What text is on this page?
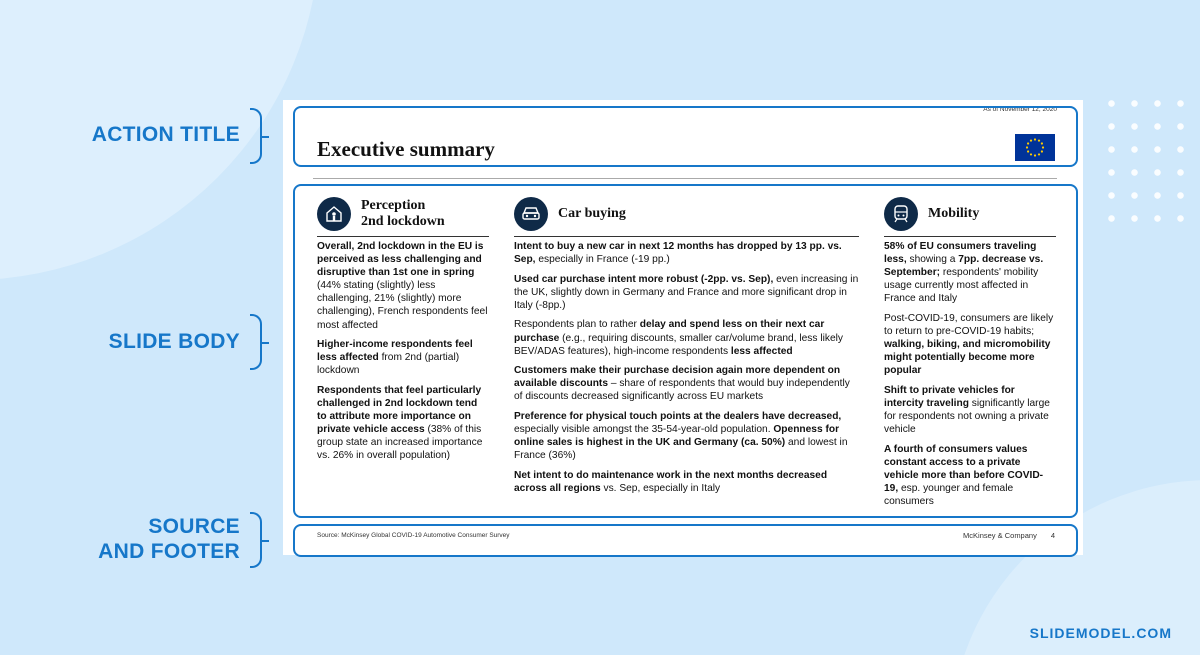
ACTION TITLE
SLIDE BODY
SOURCE
AND FOOTER
As of November 12, 2020
Executive summary
Perception
2nd lockdown

Overall, 2nd lockdown in the EU is perceived as less challenging and disruptive than 1st one in spring (44% stating (slightly) less challenging, 21% (slightly) more challenging), French respondents feel most affected

Higher-income respondents feel less affected from 2nd (partial) lockdown

Respondents that feel particularly challenged in 2nd lockdown tend to attribute more importance on private vehicle access (38% of this group state an increased importance vs. 26% in overall population)

Car buying

Intent to buy a new car in next 12 months has dropped by 13 pp. vs. Sep, especially in France (-19 pp.)

Used car purchase intent more robust (-2pp. vs. Sep), even increasing in the UK, slightly down in Germany and France and more significant drop in Italy (-8pp.)

Respondents plan to rather delay and spend less on their next car purchase (e.g., requiring discounts, smaller car/volume brand, less likely BEV/ADAS features), high-income respondents less affected

Customers make their purchase decision again more dependent on available discounts – share of respondents that would buy independently of discounts decreased significantly across EU markets

Preference for physical touch points at the dealers have decreased, especially visible amongst the 35-54-year-old population. Openness for online sales is highest in the UK and Germany (ca. 50%) and lowest in France (36%)

Net intent to do maintenance work in the next months decreased across all regions vs. Sep, especially in Italy

Mobility

58% of EU consumers traveling less, showing a 7pp. decrease vs. September; respondents' mobility usage currently most affected in France and Italy

Post-COVID-19, consumers are likely to return to pre-COVID-19 habits; walking, biking, and micromobility might potentially become more popular

Shift to private vehicles for intercity traveling significantly large for respondents not owning a private vehicle

A fourth of consumers values constant access to a private vehicle more than before COVID-19, esp. younger and female consumers

Source: McKinsey Global COVID-19 Automotive Consumer Survey	McKinsey & Company 4
SLIDEMODEL.COM
